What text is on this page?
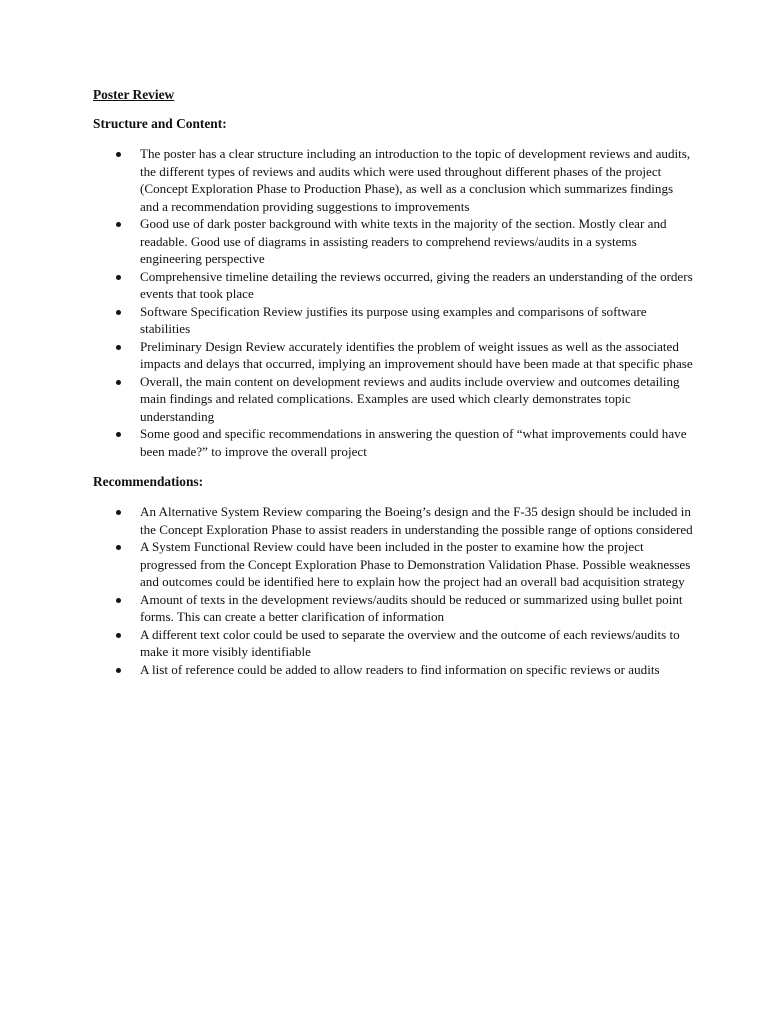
Poster Review
Structure and Content:
The poster has a clear structure including an introduction to the topic of development reviews and audits, the different types of reviews and audits which were used throughout different phases of the project (Concept Exploration Phase to Production Phase), as well as a conclusion which summarizes findings and a recommendation providing suggestions to improvements
Good use of dark poster background with white texts in the majority of the section. Mostly clear and readable. Good use of diagrams in assisting readers to comprehend reviews/audits in a systems engineering perspective
Comprehensive timeline detailing the reviews occurred, giving the readers an understanding of the orders events that took place
Software Specification Review justifies its purpose using examples and comparisons of software stabilities
Preliminary Design Review accurately identifies the problem of weight issues as well as the associated impacts and delays that occurred, implying an improvement should have been made at that specific phase
Overall, the main content on development reviews and audits include overview and outcomes detailing main findings and related complications. Examples are used which clearly demonstrates topic understanding
Some good and specific recommendations in answering the question of “what improvements could have been made?” to improve the overall project
Recommendations:
An Alternative System Review comparing the Boeing’s design and the F-35 design should be included in the Concept Exploration Phase to assist readers in understanding the possible range of options considered
A System Functional Review could have been included in the poster to examine how the project progressed from the Concept Exploration Phase to Demonstration Validation Phase. Possible weaknesses and outcomes could be identified here to explain how the project had an overall bad acquisition strategy
Amount of texts in the development reviews/audits should be reduced or summarized using bullet point forms. This can create a better clarification of information
A different text color could be used to separate the overview and the outcome of each reviews/audits to make it more visibly identifiable
A list of reference could be added to allow readers to find information on specific reviews or audits
